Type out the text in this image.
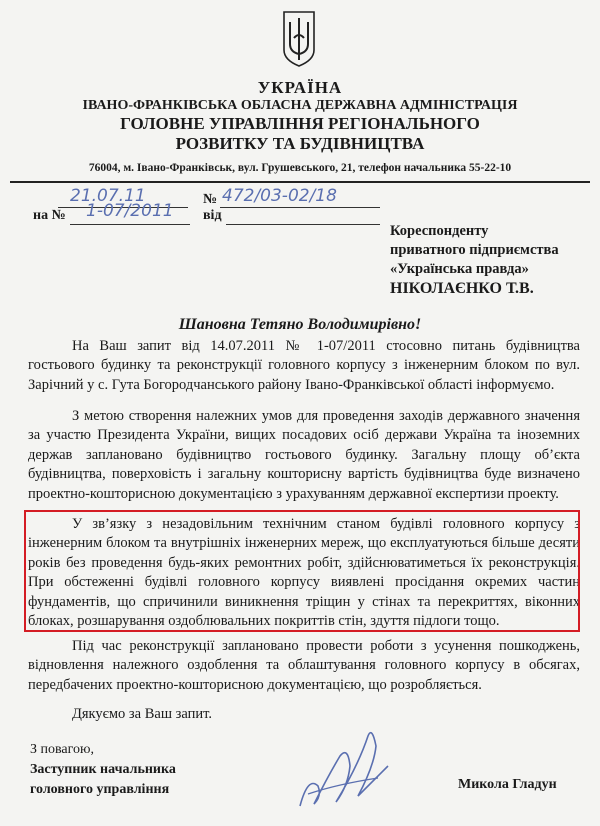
УКРАЇНА
ІВАНО-ФРАНКІВСЬКА ОБЛАСНА ДЕРЖАВНА АДМІНІСТРАЦІЯ
ГОЛОВНЕ УПРАВЛІННЯ РЕГІОНАЛЬНОГО
РОЗВИТКУ ТА БУДІВНИЦТВА
76004, м. Івано-Франківськ, вул. Грушевського, 21, телефон начальника 55-22-10
21.07.11	№ 472/03-02/18
на № 1-07/2011 від
Кореспонденту
приватного підприємства
«Українська правда»
НІКОЛАЄНКО Т.В.
Шановна Тетяно Володимирівно!

На Ваш запит від 14.07.2011 № 1-07/2011 стосовно питань будівництва гостьового будинку та реконструкції головного корпусу з інженерним блоком по вул. Зарічний у с. Гута Богородчанського району Івано-Франківської області інформуємо.

З метою створення належних умов для проведення заходів державного значення за участю Президента України, вищих посадових осіб держави Україна та іноземних держав заплановано будівництво гостьового будинку. Загальну площу об’єкта будівництва, поверховість і загальну кошторисну вартість будівництва буде визначено проектно-кошторисною документацією з урахуванням державної експертизи проекту.

У зв’язку з незадовільним технічним станом будівлі головного корпусу з інженерним блоком та внутрішніх інженерних мереж, що експлуатуються більше десяти років без проведення будь-яких ремонтних робіт, здійснюватиметься їх реконструкція. При обстеженні будівлі головного корпусу виявлені просідання окремих частин фундаментів, що спричинили виникнення тріщин у стінах та перекриттях, віконних блоках, розшарування оздоблювальних покриттів стін, здуття підлоги тощо.

Під час реконструкції заплановано провести роботи з усунення пошкоджень, відновлення належного оздоблення та облаштування головного корпусу в обсягах, передбачених проектно-кошторисною документацією, що розробляється.

Дякуємо за Ваш запит.

З повагою,
Заступник начальника
головного управління	Микола Гладун
